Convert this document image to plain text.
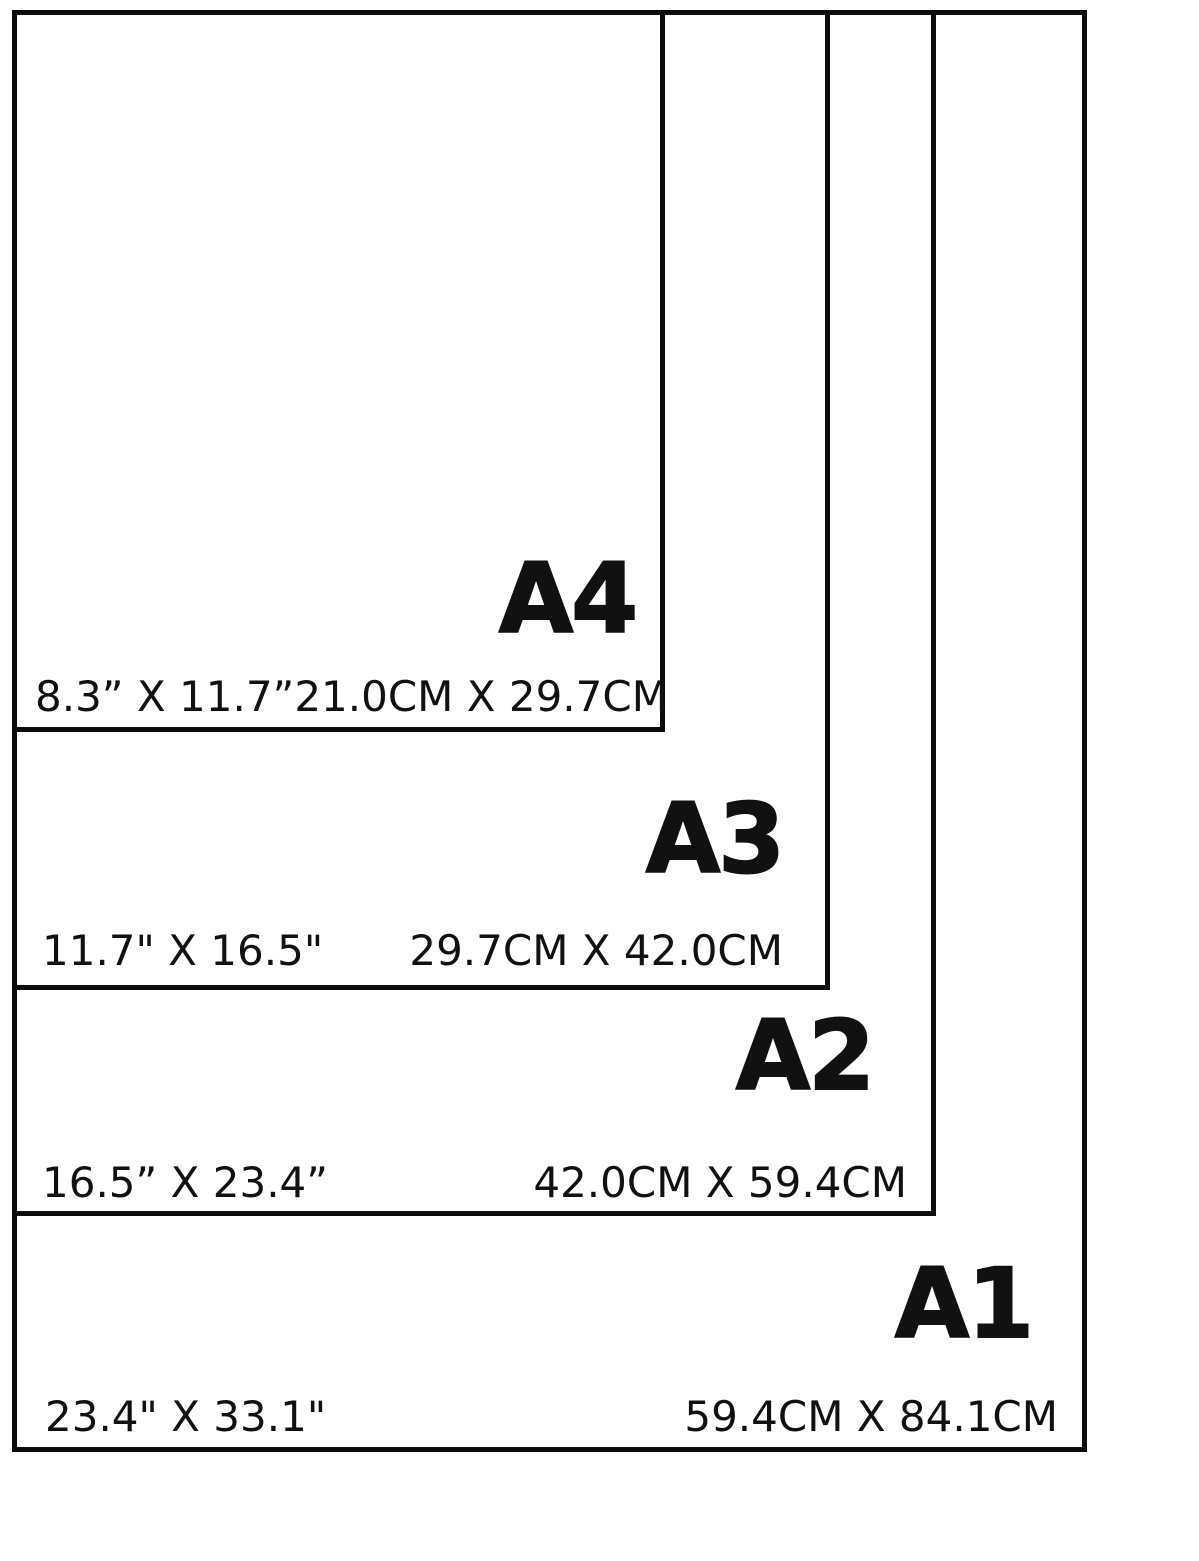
A1
23.4" X 33.1"	59.4CM X 84.1CM
A2
16.5” X 23.4”	42.0CM X 59.4CM
A3
11.7" X 16.5" 29.7CM X 42.0CM
A4
8.3” X 11.7” 21.0CM X 29.7CM
